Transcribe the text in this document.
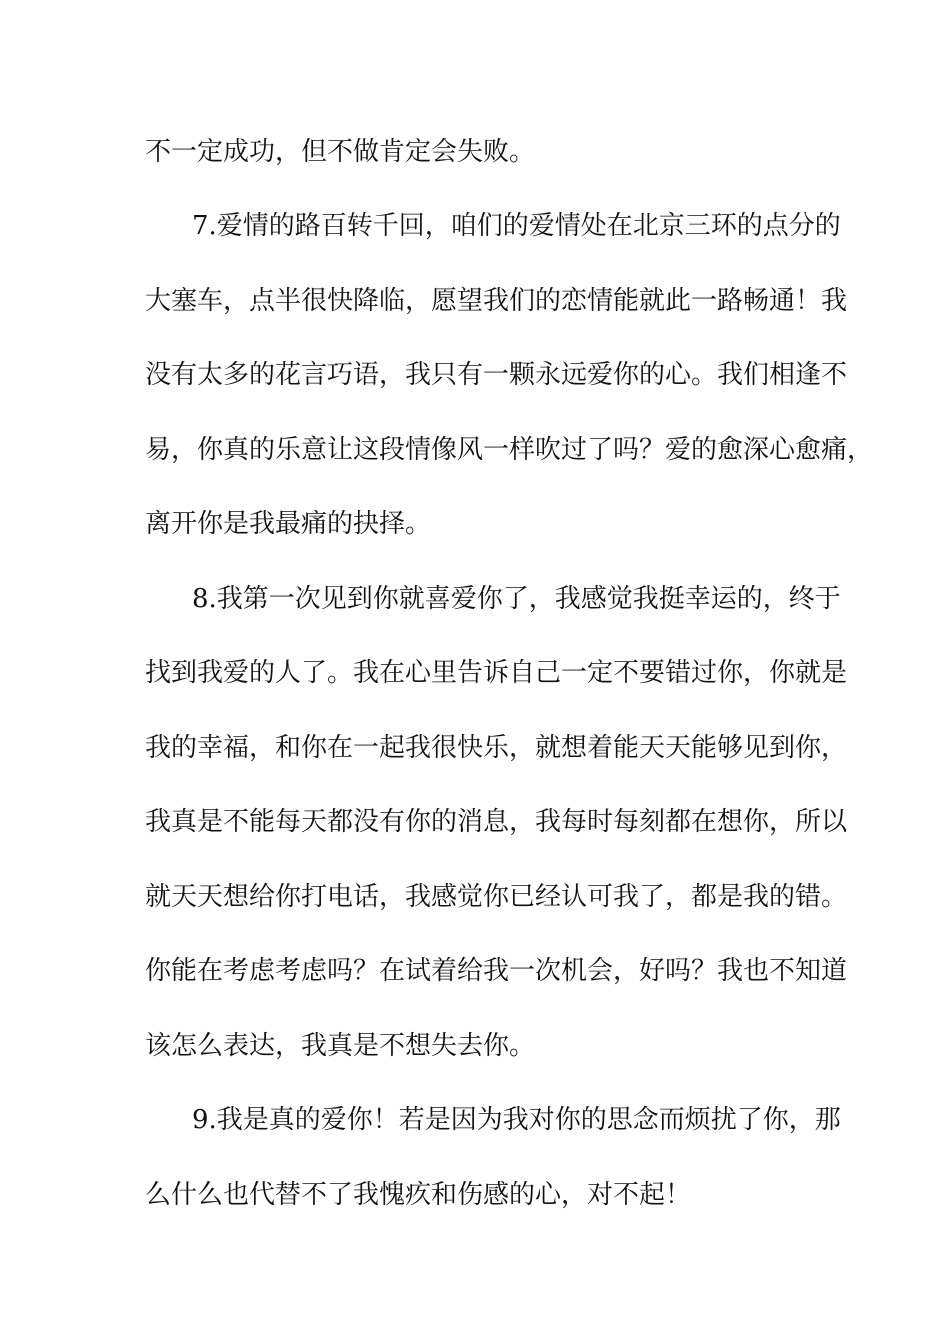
不一定成功，但不做肯定会失败。
7.爱情的路百转千回，咱们的爱情处在北京三环的点分的
大塞车，点半很快降临，愿望我们的恋情能就此一路畅通！我
没有太多的花言巧语，我只有一颗永远爱你的心。我们相逢不
易，你真的乐意让这段情像风一样吹过了吗？爱的愈深心愈痛，
离开你是我最痛的抉择。
8.我第一次见到你就喜爱你了，我感觉我挺幸运的，终于
找到我爱的人了。我在心里告诉自己一定不要错过你，你就是
我的幸福，和你在一起我很快乐，就想着能天天能够见到你，
我真是不能每天都没有你的消息，我每时每刻都在想你，所以
就天天想给你打电话，我感觉你已经认可我了，都是我的错。
你能在考虑考虑吗？在试着给我一次机会，好吗？我也不知道
该怎么表达，我真是不想失去你。
9.我是真的爱你！若是因为我对你的思念而烦扰了你，那
么什么也代替不了我愧疚和伤感的心，对不起！
